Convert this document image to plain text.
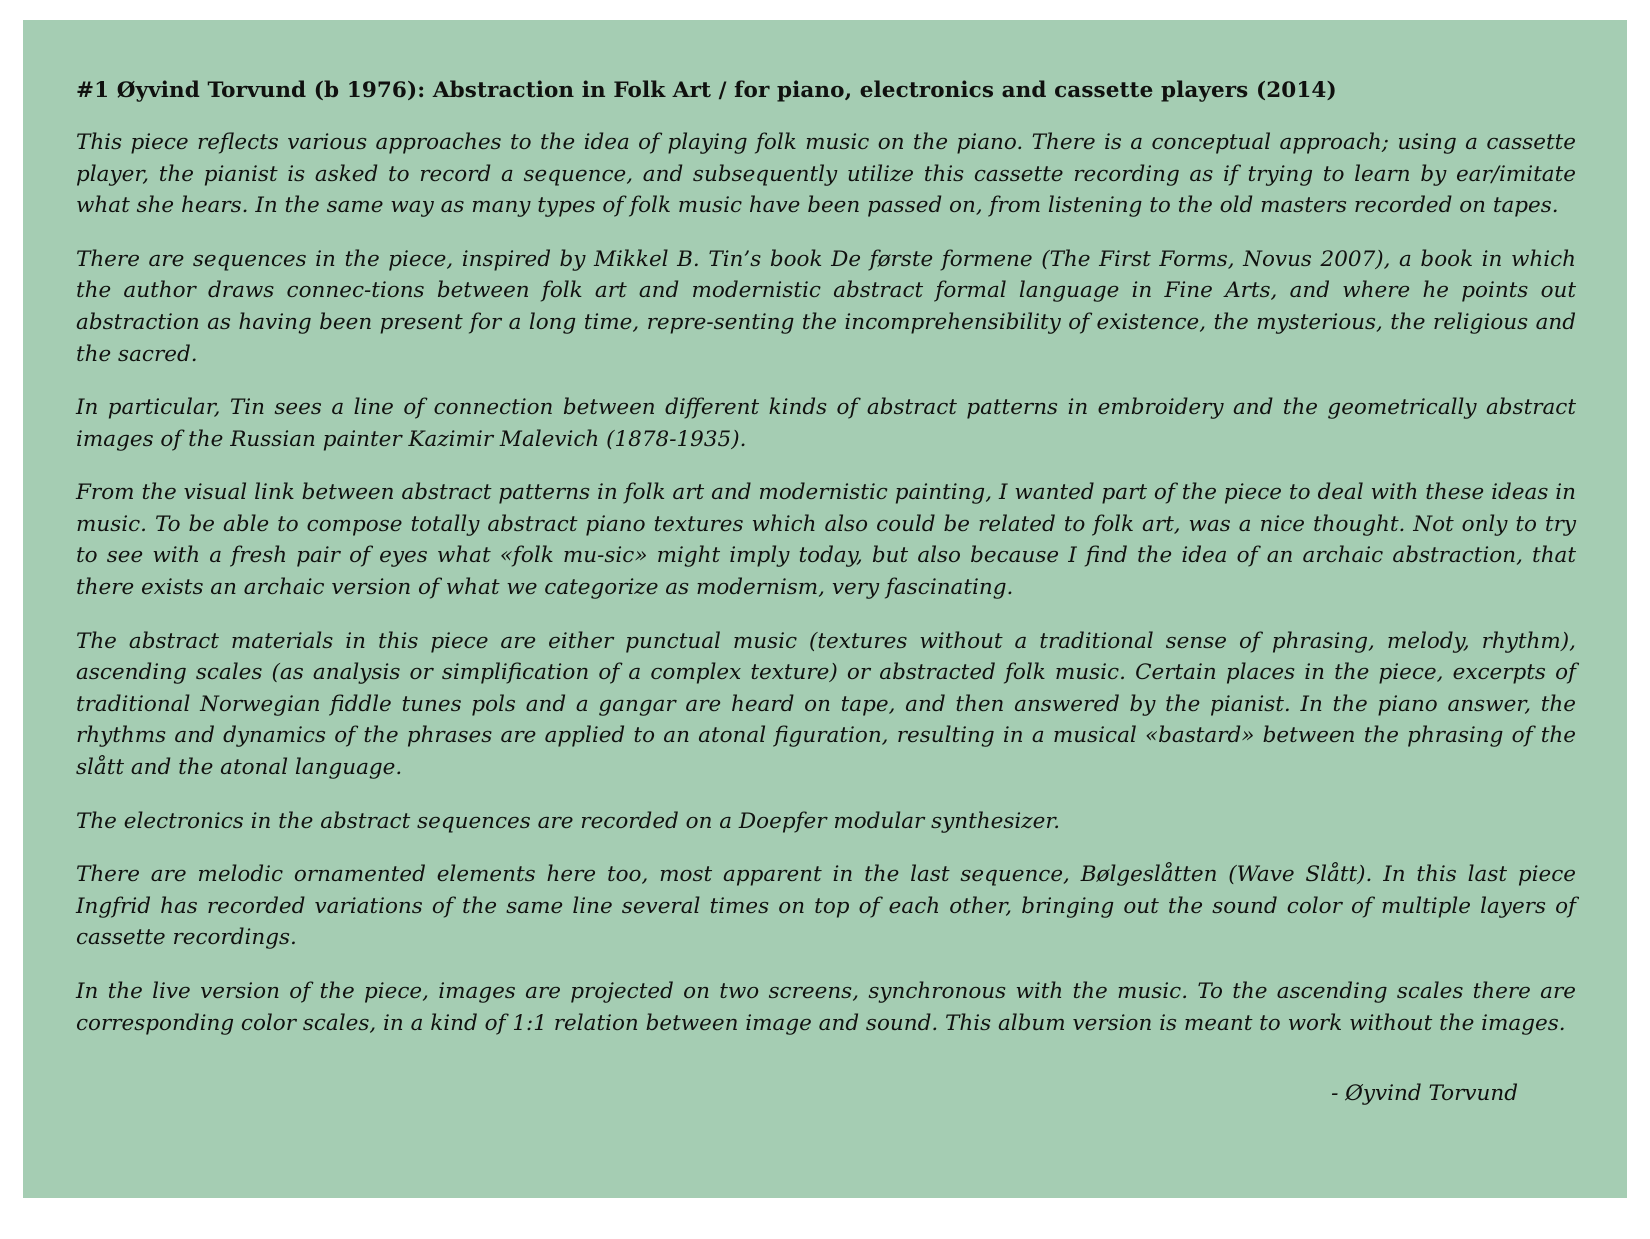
#1 Øyvind Torvund (b 1976): Abstraction in Folk Art / for piano, electronics and cassette players (2014)

This piece reflects various approaches to the idea of playing folk music on the piano. There is a conceptual approach; using a cassette player, the pianist is asked to record a sequence, and subsequently utilize this cassette recording as if trying to learn by ear/imitate what she hears. In the same way as many types of folk music have been passed on, from listening to the old masters recorded on tapes.

There are sequences in the piece, inspired by Mikkel B. Tin’s book De første formene (The First Forms, Novus 2007), a book in which the author draws connec-tions between folk art and modernistic abstract formal language in Fine Arts, and where he points out abstraction as having been present for a long time, repre-senting the incomprehensibility of existence, the mysterious, the religious and the sacred.

In particular, Tin sees a line of connection between different kinds of abstract patterns in embroidery and the geometrically abstract images of the Russian painter Kazimir Malevich (1878-1935).

From the visual link between abstract patterns in folk art and modernistic painting, I wanted part of the piece to deal with these ideas in music. To be able to compose totally abstract piano textures which also could be related to folk art, was a nice thought. Not only to try to see with a fresh pair of eyes what «folk mu-sic» might imply today, but also because I find the idea of an archaic abstraction, that there exists an archaic version of what we categorize as modernism, very fascinating.

The abstract materials in this piece are either punctual music (textures without a traditional sense of phrasing, melody, rhythm), ascending scales (as analysis or simplification of a complex texture) or abstracted folk music. Certain places in the piece, excerpts of traditional Norwegian fiddle tunes pols and a gangar are heard on tape, and then answered by the pianist. In the piano answer, the rhythms and dynamics of the phrases are applied to an atonal figuration, resulting in a musical «bastard» between the phrasing of the slått and the atonal language.

The electronics in the abstract sequences are recorded on a Doepfer modular synthesizer.

There are melodic ornamented elements here too, most apparent in the last sequence, Bølgeslåtten (Wave Slått). In this last piece Ingfrid has recorded variations of the same line several times on top of each other, bringing out the sound color of multiple layers of cassette recordings.

In the live version of the piece, images are projected on two screens, synchronous with the music. To the ascending scales there are corresponding color scales, in a kind of 1:1 relation between image and sound. This album version is meant to work without the images.

- Øyvind Torvund
